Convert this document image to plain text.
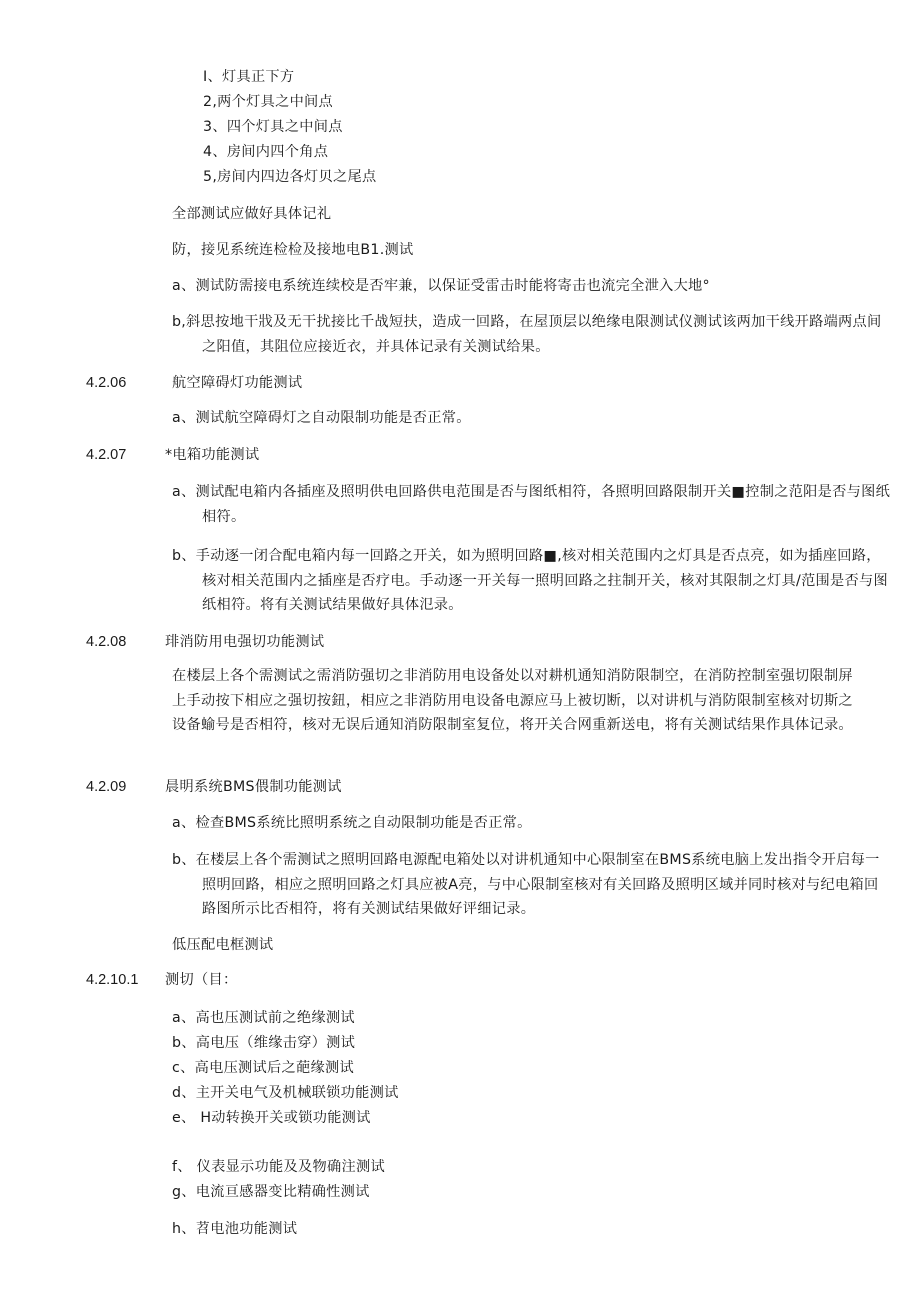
I、灯具正下方
2,两个灯具之中间点
3、四个灯具之中间点
4、房间内四个角点
5,房间内四边各灯贝之尾点
全部测试应做好具体记礼
防，接见系统连检检及接地电B1.测试
a、测试防需接电系统连续校是否牢兼，以保证受雷击时能将寄击也流完全泄入大地°
b,斜思按地干戕及无干扰接比千战短扶，造成一回路，在屋顶层以绝缘电限测试仪测试该两加干线开路端两点间之阳值，其阻位应接近衣，并具体记录有关测试给果。
4.2.06	航空障碍灯功能测试
a、测试航空障碍灯之自动限制功能是否正常。
4.2.07	*电箱功能测试
a、测试配电箱内各插座及照明供电回路供电范围是否与图纸相符，各照明回路限制开关■控制之范阳是否与图纸相符。
b、手动逐一闭合配电箱内每一回路之开关，如为照明回路■,核对相关范围内之灯具是否点亮，如为插座回路，核对相关范围内之插座是否疗电。手动逐一开关每一照明回路之拄制开关，核对其限制之灯具/范围是否与图纸相符。将有关测试结果做好具体氾录。
4.2.08	琲消防用电强切功能测试
在楼层上各个需测试之需消防强切之非消防用电设备处以对耕机通知消防限制空，在消防控制室强切限制屏上手动按下相应之强切按鈕，相应之非消防用电设备电源应马上被切断，以对讲机与消防限制室核对切斯之设备蝓号是否相符，核对无误后通知消防限制室复位，将开关合网重新送电，将有关测试结果作具体记录。
4.2.09	晨明系统BMS偎制功能测试
a、检查BMS系统比照明系统之自动限制功能是否正常。
b、在楼层上各个需测试之照明回路电源配电箱处以对讲机通知中心限制室在BMS系统电脑上发出指令开启每一照明回路，相应之照明回路之灯具应被A亮，与中心限制室核对有关回路及照明区域并同时核对与纪电箱回路图所示比否相符，将有关测试结果做好评细记录。
低压配电框测试
4.2.10.1 测切（目：
a、高也压测试前之绝缘测试
b、高电压（维缘击穿）测试
c、高电压测试后之葩缘测试
d、主开关电气及机械联锁功能测试
e、 H动转换开关或锁功能测试
f、 仪表显示功能及及物确注测试
g、电流亘感器变比精确性测试
h、苕电池功能测试
